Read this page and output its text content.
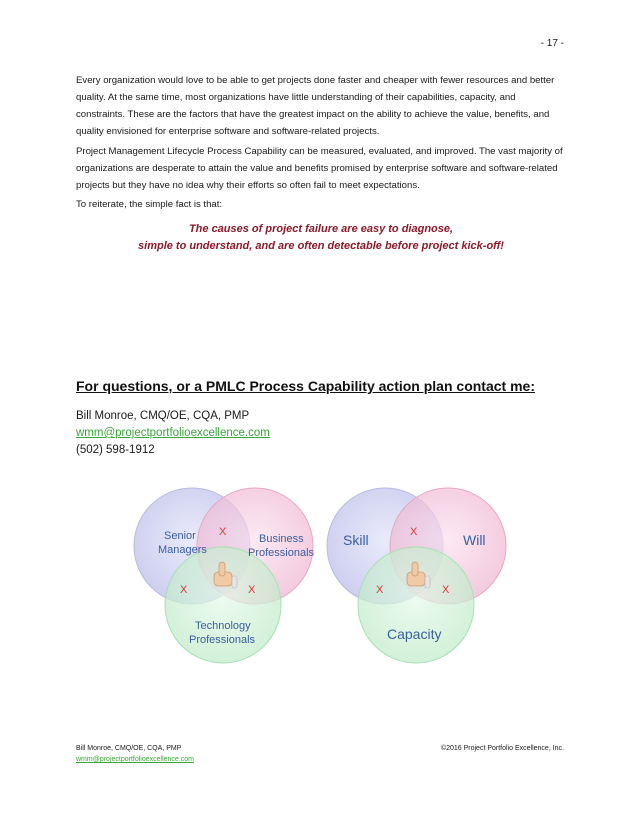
- 17 -

Every organization would love to be able to get projects done faster and cheaper with fewer resources and better quality. At the same time, most organizations have little understanding of their capabilities, capacity, and constraints. These are the factors that have the greatest impact on the ability to achieve the value, benefits, and quality envisioned for enterprise software and software-related projects.

Project Management Lifecycle Process Capability can be measured, evaluated, and improved. The vast majority of organizations are desperate to attain the value and benefits promised by enterprise software and software-related projects but they have no idea why their efforts so often fail to meet expectations.

To reiterate, the simple fact is that:

The causes of project failure are easy to diagnose,
simple to understand, and are often detectable before project kick-off!
For questions, or a PMLC Process Capability action plan contact me:
Bill Monroe, CMQ/OE, CQA, PMP
wmm@projectportfolioexcellence.com
(502) 598-1912
Senior
Managers
Business
Professionals
Technology
Professionals
X
X	X
Skill	Will
Capacity
X
X	X
Bill Monroe, CMQ/OE, CQA, PMP
wmm@projectportfolioexcellence.com
©2016 Project Portfolio Excellence, Inc.
